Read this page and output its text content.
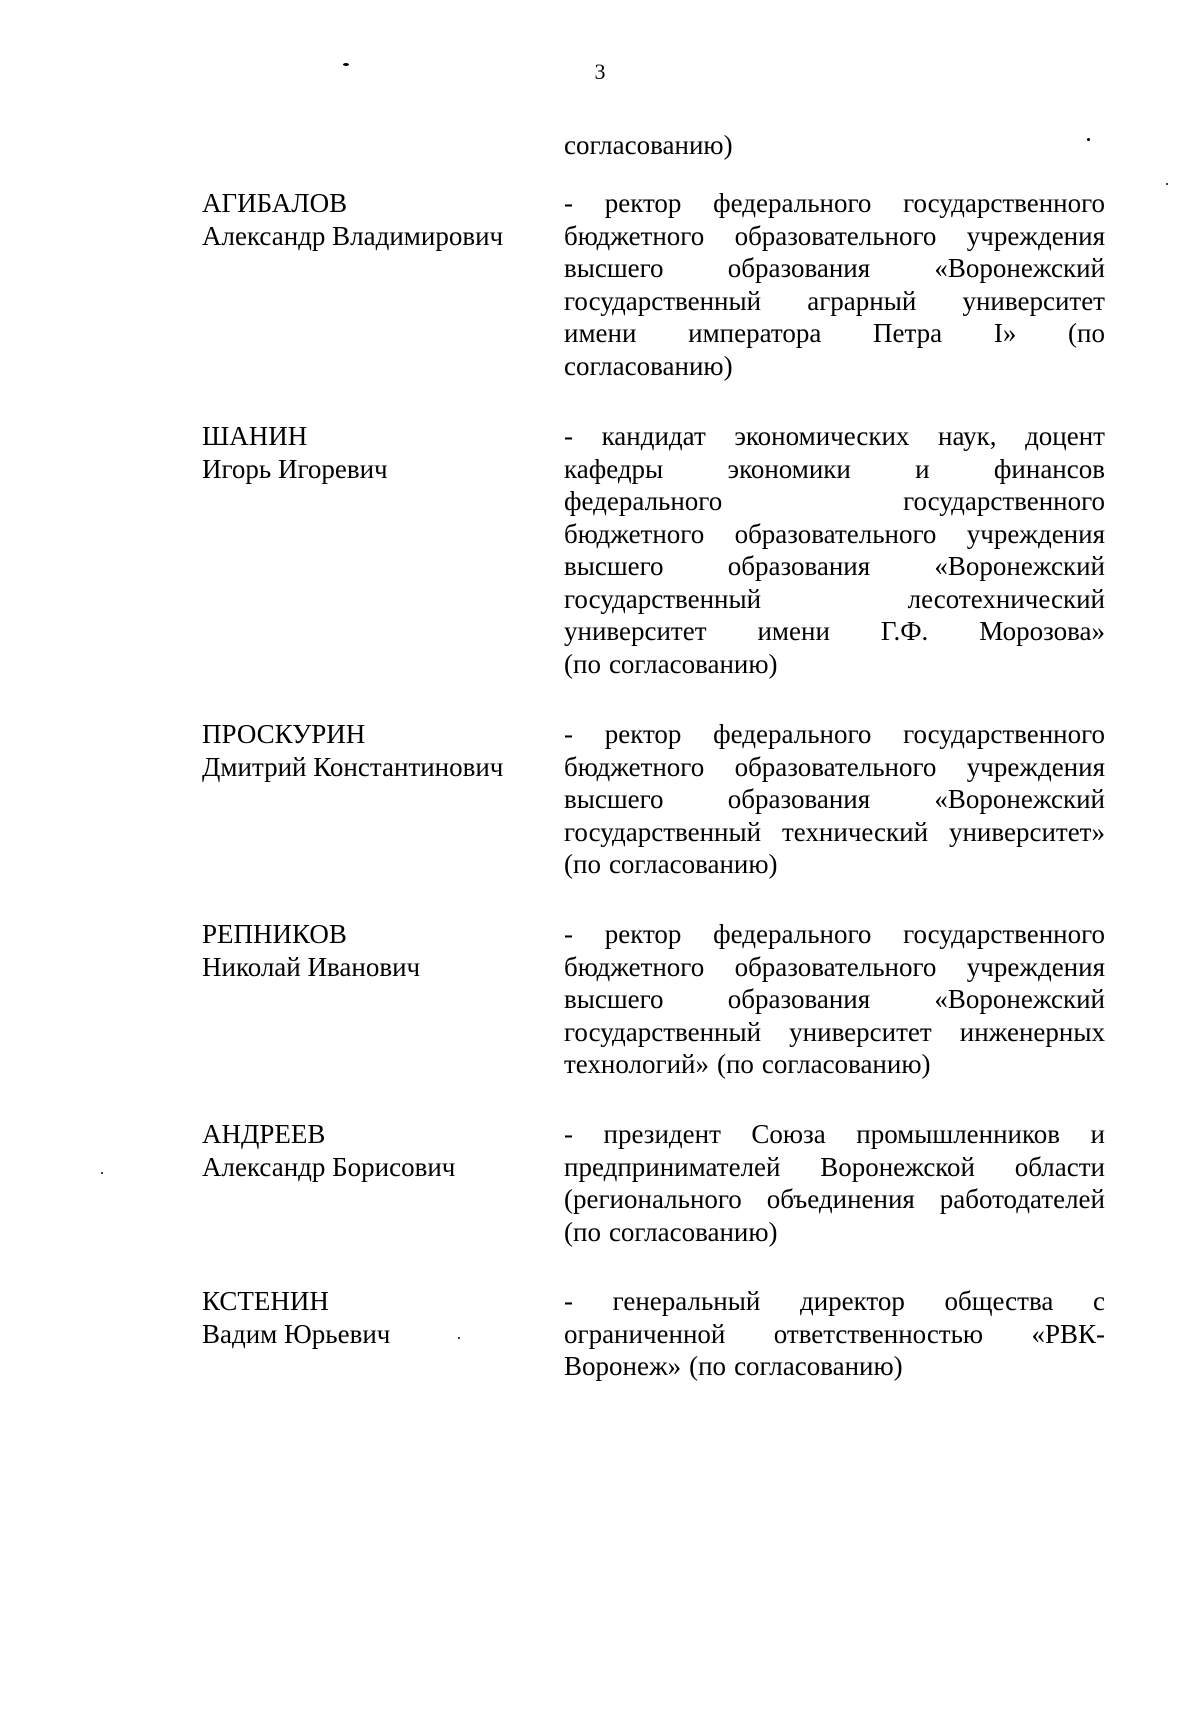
3
согласованию)
АГИБАЛОВ
Александр Владимирович
- ректор федерального государственного
бюджетного образовательного учреждения
высшего образования «Воронежский
государственный аграрный университет
имени императора Петра I» (по
согласованию)
ШАНИН
Игорь Игоревич
- кандидат экономических наук, доцент
кафедры экономики и финансов
федерального	государственного
бюджетного образовательного учреждения
высшего образования «Воронежский
государственный	лесотехнический
университет имени Г.Ф. Морозова»
(по согласованию)
ПРОСКУРИН
Дмитрий Константинович
- ректор федерального государственного
бюджетного образовательного учреждения
высшего образования «Воронежский
государственный технический университет»
(по согласованию)
РЕПНИКОВ
Николай Иванович
- ректор федерального государственного
бюджетного образовательного учреждения
высшего образования «Воронежский
государственный университет инженерных
технологий» (по согласованию)
АНДРЕЕВ
Александр Борисович
- президент Союза промышленников и
предпринимателей Воронежской области
(регионального объединения работодателей
(по согласованию)
КСТЕНИН
Вадим Юрьевич
- генеральный директор общества с
ограниченной ответственностью «РВК-
Воронеж» (по согласованию)
